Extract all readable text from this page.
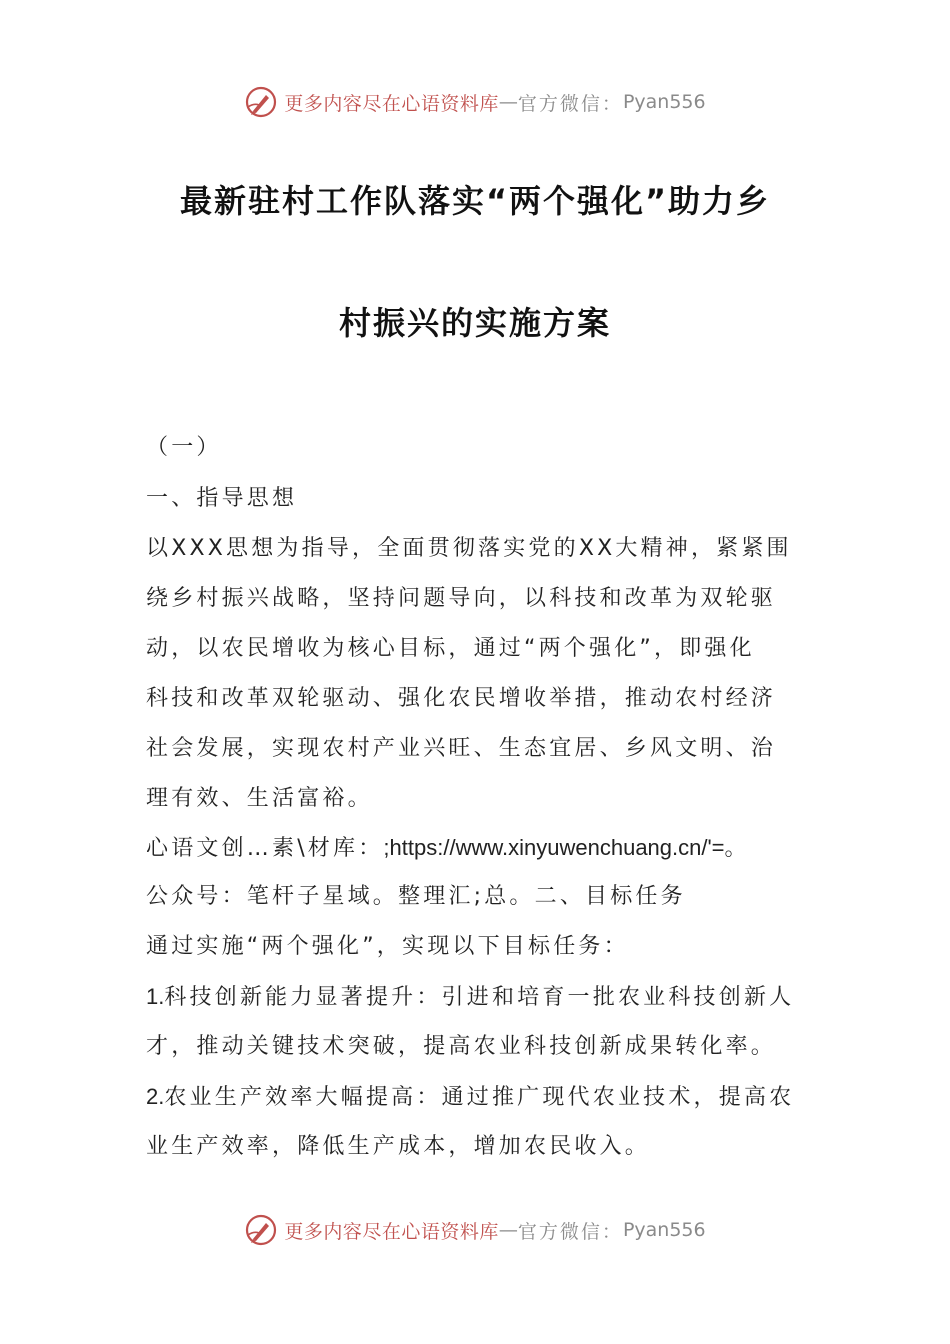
更多内容尽在心语资料库 — 官方微信： Pyan556
最新驻村工作队落实“两个强化”助力乡
村振兴的实施方案
（一）
一、指导思想
以XXX思想为指导，全面贯彻落实党的XX大精神，紧紧围
绕乡村振兴战略，坚持问题导向，以科技和改革为双轮驱
动，以农民增收为核心目标，通过“两个强化”，即强化
科技和改革双轮驱动、强化农民增收举措，推动农村经济
社会发展，实现农村产业兴旺、生态宜居、乡风文明、治
理有效、生活富裕。
心语文创…素\材库：;https://www.xinyuwenchuang.cn/'=。
公众号：笔杆子星域。整理汇;总。二、目标任务
通过实施“两个强化”，实现以下目标任务：
1.科技创新能力显著提升：引进和培育一批农业科技创新人
才，推动关键技术突破，提高农业科技创新成果转化率。
2.农业生产效率大幅提高：通过推广现代农业技术，提高农
业生产效率，降低生产成本，增加农民收入。
更多内容尽在心语资料库 — 官方微信： Pyan556
